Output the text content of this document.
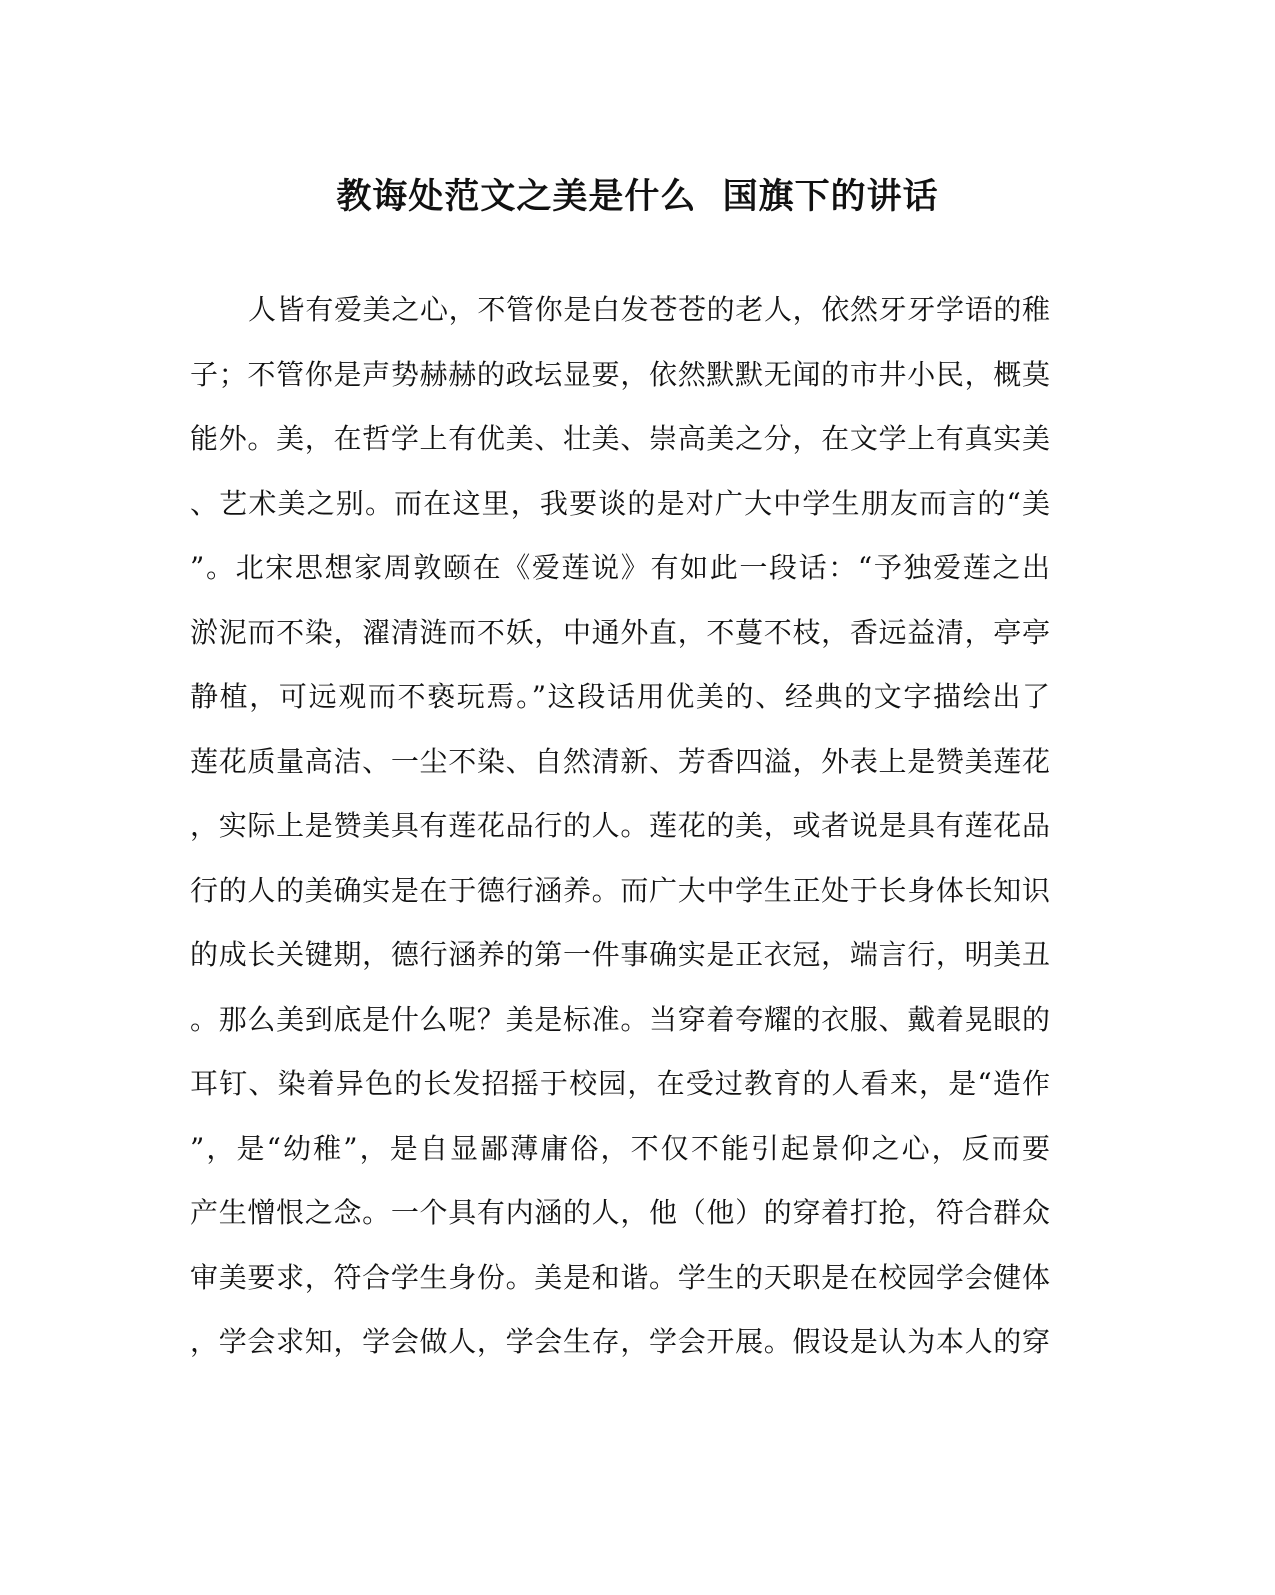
教诲处范文之美是什么  国旗下的讲话
人皆有爱美之心，不管你是白发苍苍的老人，依然牙牙学语的稚
子；不管你是声势赫赫的政坛显要，依然默默无闻的市井小民，概莫
能外。美，在哲学上有优美、壮美、崇高美之分，在文学上有真实美
、艺术美之别。而在这里，我要谈的是对广大中学生朋友而言的“美
”。北宋思想家周敦颐在《爱莲说》有如此一段话：“予独爱莲之出
淤泥而不染，濯清涟而不妖，中通外直，不蔓不枝，香远益清，亭亭
静植，可远观而不亵玩焉。”这段话用优美的、经典的文字描绘出了
莲花质量高洁、一尘不染、自然清新、芳香四溢，外表上是赞美莲花
，实际上是赞美具有莲花品行的人。莲花的美，或者说是具有莲花品
行的人的美确实是在于德行涵养。而广大中学生正处于长身体长知识
的成长关键期，德行涵养的第一件事确实是正衣冠，端言行，明美丑
。那么美到底是什么呢？美是标准。当穿着夸耀的衣服、戴着晃眼的
耳钉、染着异色的长发招摇于校园，在受过教育的人看来，是“造作
”，是“幼稚”，是自显鄙薄庸俗，不仅不能引起景仰之心，反而要
产生憎恨之念。一个具有内涵的人，他（他）的穿着打抢，符合群众
审美要求，符合学生身份。美是和谐。学生的天职是在校园学会健体
，学会求知，学会做人，学会生存，学会开展。假设是认为本人的穿
